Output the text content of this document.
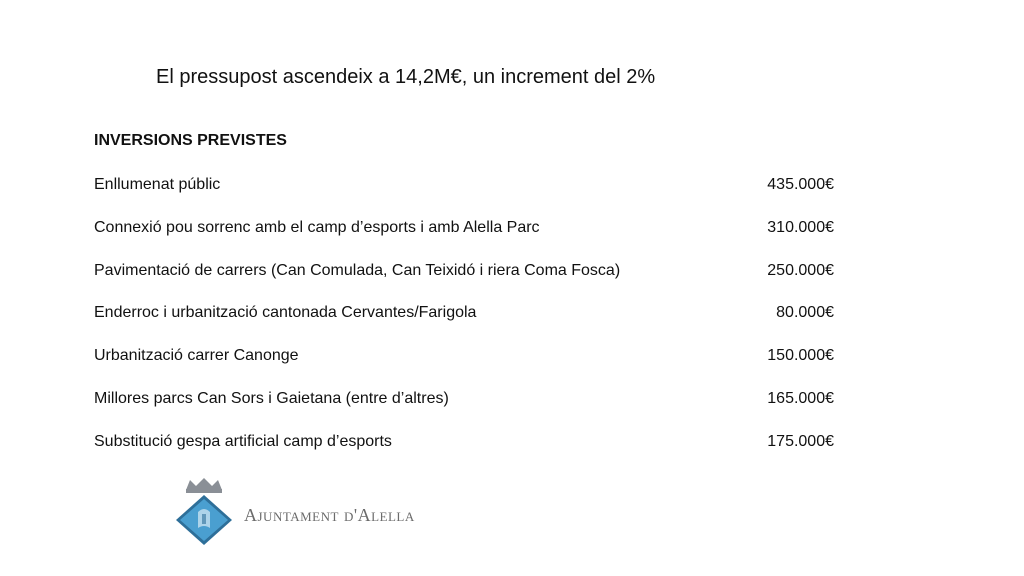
El pressupost ascendeix a 14,2M€, un increment del 2%
INVERSIONS PREVISTES
Enllumenat públic	435.000€
Connexió pou sorrenc amb el camp d’esports i amb Alella Parc	310.000€
Pavimentació de carrers (Can Comulada, Can Teixidó i riera Coma Fosca)	250.000€
Enderroc i urbanització cantonada Cervantes/Farigola	80.000€
Urbanització carrer Canonge	150.000€
Millores parcs Can Sors i Gaietana (entre d’altres)	165.000€
Substitució gespa artificial camp d’esports	175.000€
Ajuntament d'Alella
